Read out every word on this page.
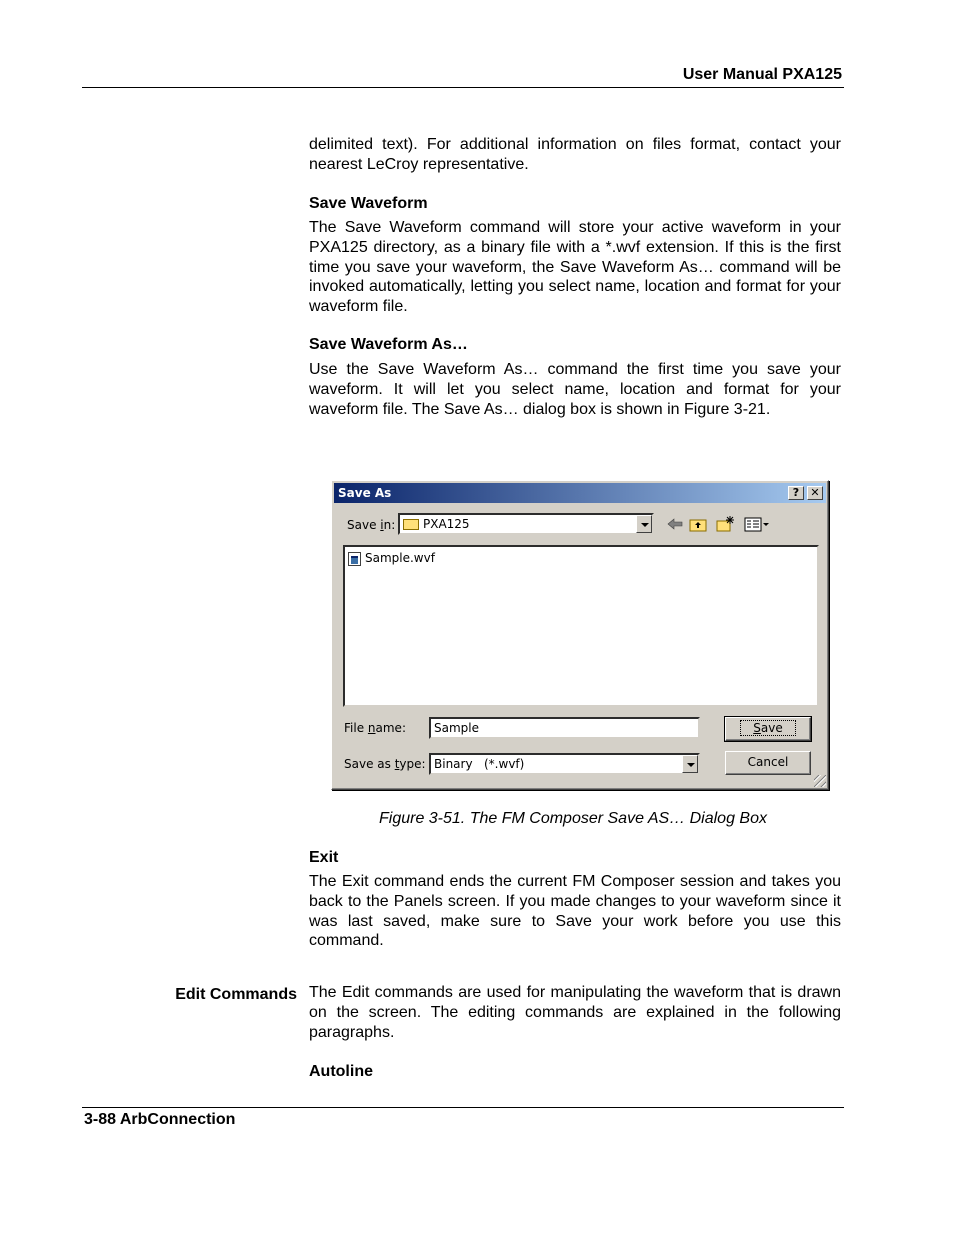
User Manual PXA125
delimited text). For additional information on files format, contact your nearest LeCroy representative.
Save Waveform
The Save Waveform command will store your active waveform in your PXA125 directory, as a binary file with a *.wvf extension. If this is the first time you save your waveform, the Save Waveform As… command will be invoked automatically, letting you select name, location and format for your waveform file.
Save Waveform As…
Use the Save Waveform As… command the first time you save your waveform. It will let you select name, location and format for your waveform file. The Save As… dialog box is shown in Figure 3-21.
Save As	?	✕
Save in:	PXA125
Sample.wvf
File name:	Sample
Save as type: Binary   (*.wvf)
Save
Cancel
Figure 3-51. The FM Composer Save AS… Dialog Box
Exit
The Exit command ends the current FM Composer session and takes you back to the Panels screen. If you made changes to your waveform since it was last saved, make sure to Save your work before you use this command.
Edit Commands The Edit commands are used for manipulating the waveform that is drawn on the screen. The editing commands are explained in the following paragraphs.
Autoline
3-88 ArbConnection
